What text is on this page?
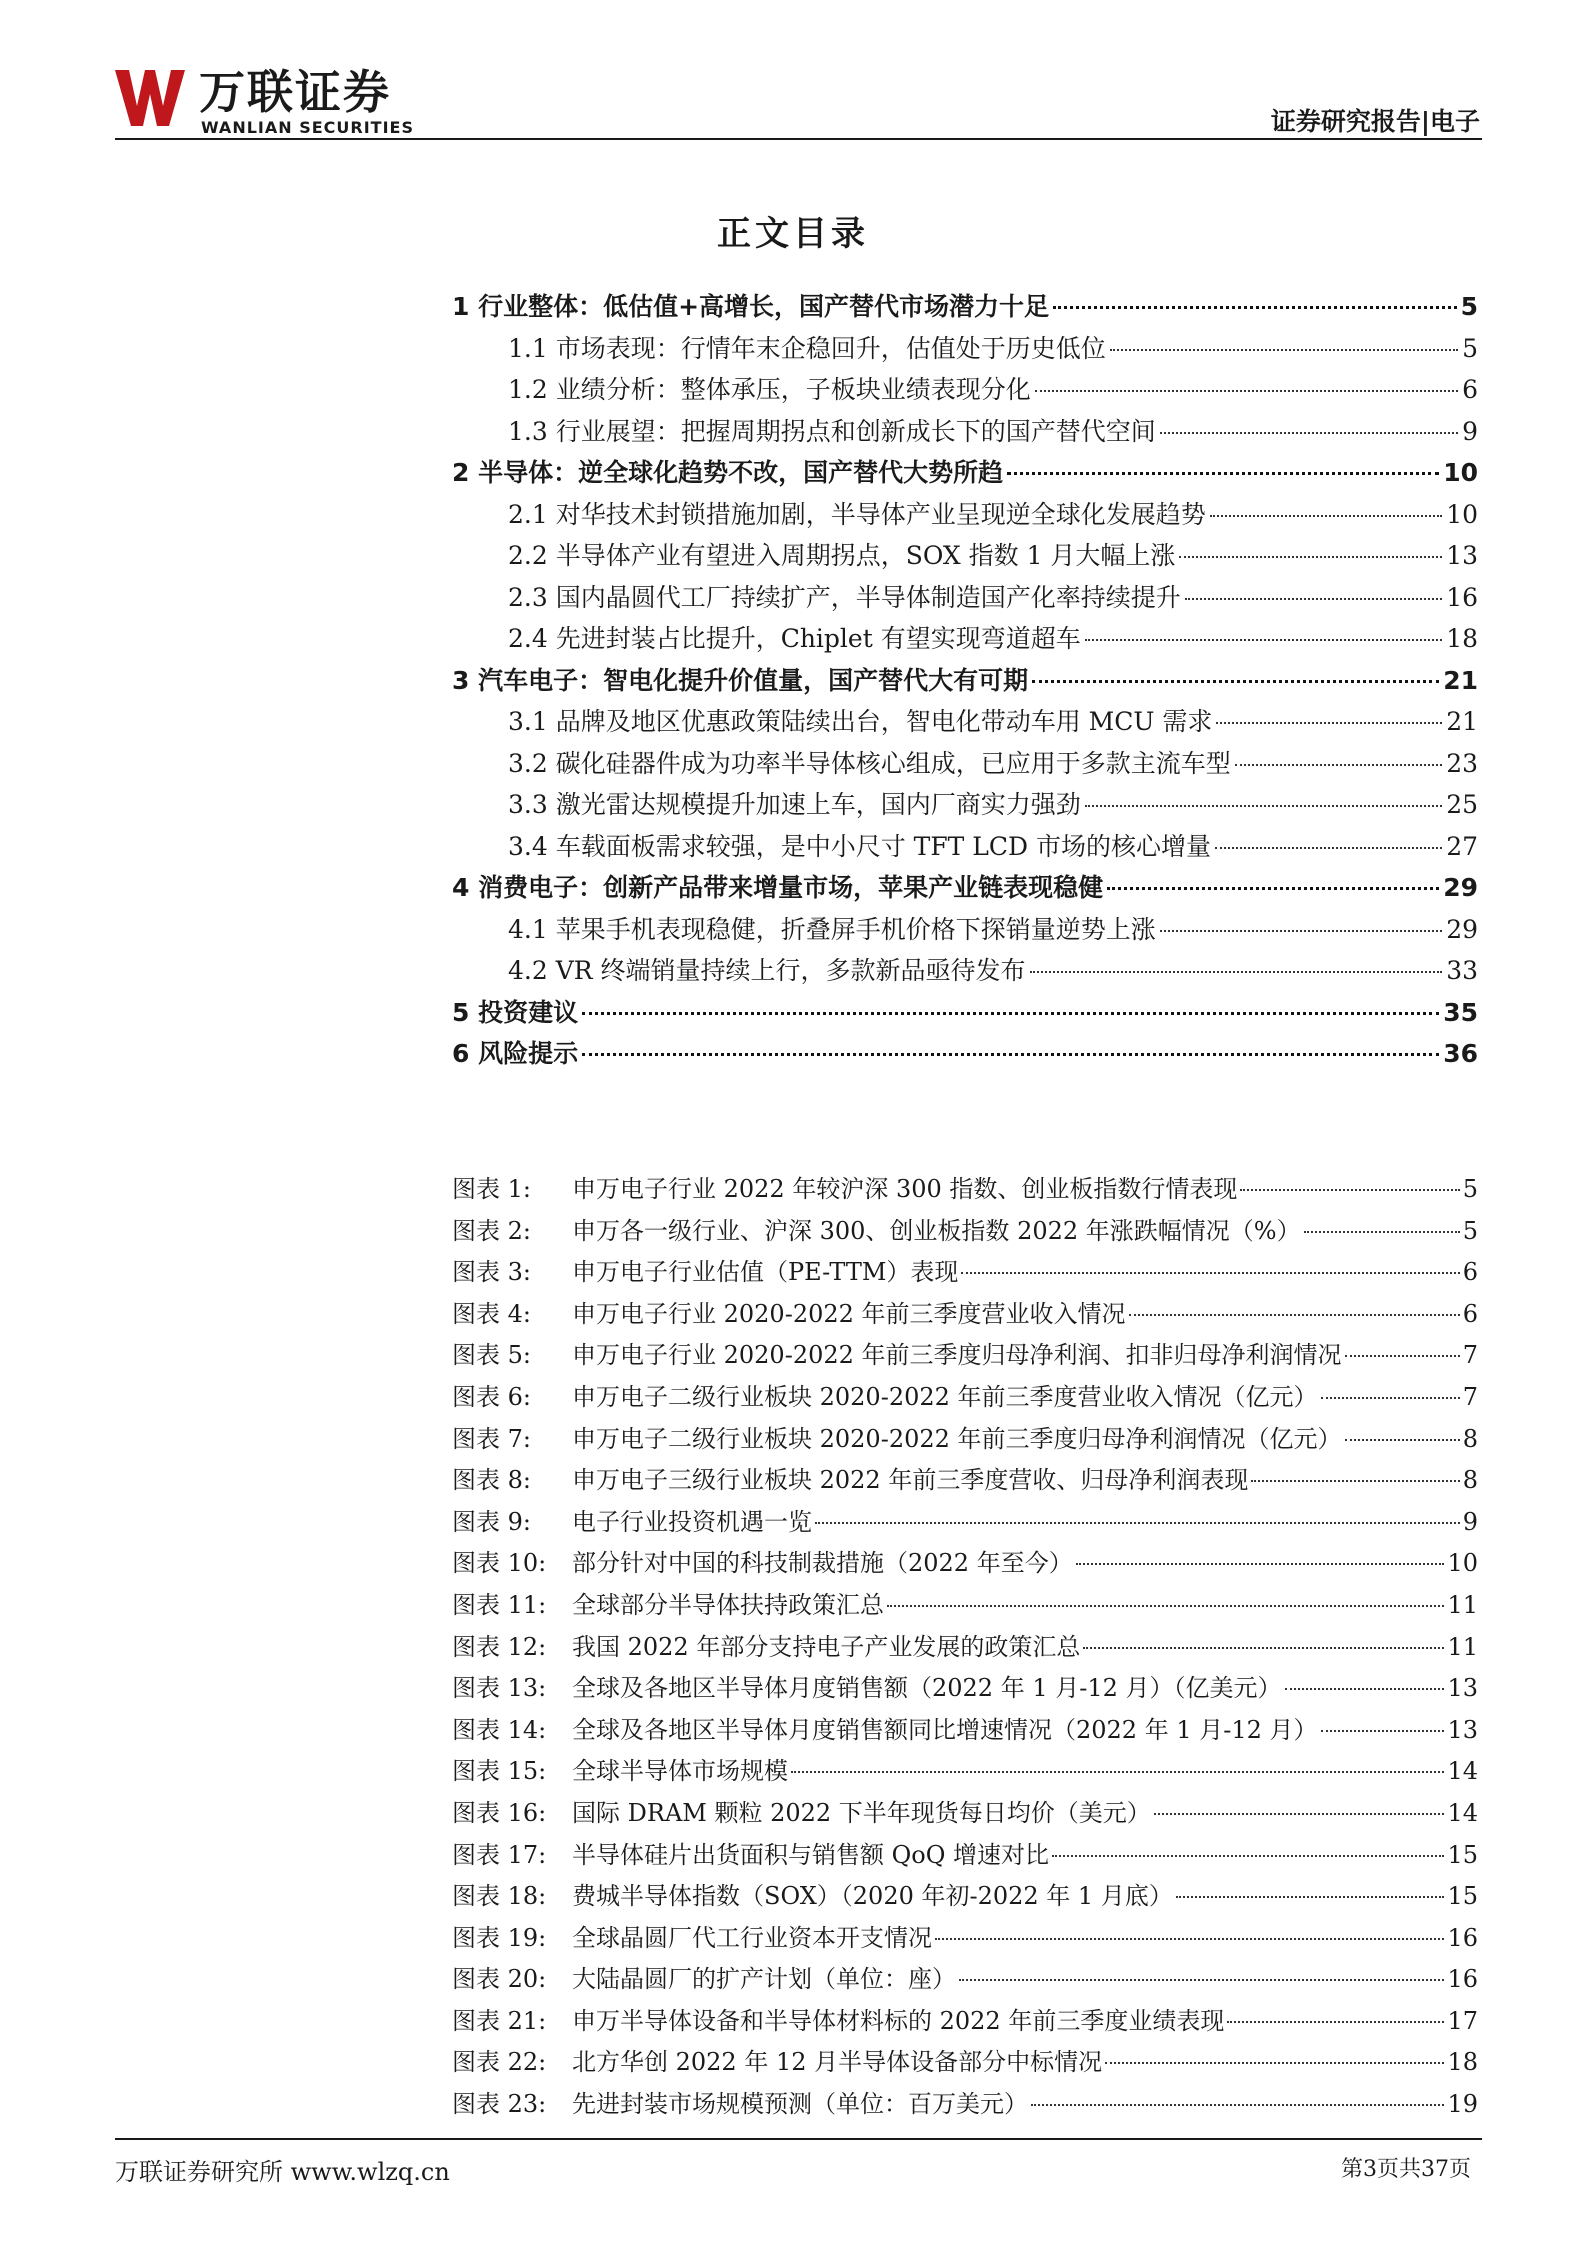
万联证券
WANLIAN SECURITIES	证券研究报告|电子
正文目录
1 行业整体：低估值+高增长，国产替代市场潜力十足	5
1.1 市场表现：行情年末企稳回升，估值处于历史低位	5
1.2 业绩分析：整体承压，子板块业绩表现分化	6
1.3 行业展望：把握周期拐点和创新成长下的国产替代空间	9
2 半导体：逆全球化趋势不改，国产替代大势所趋	10
2.1 对华技术封锁措施加剧，半导体产业呈现逆全球化发展趋势	10
2.2 半导体产业有望进入周期拐点，SOX 指数 1 月大幅上涨	13
2.3 国内晶圆代工厂持续扩产，半导体制造国产化率持续提升	16
2.4 先进封装占比提升，Chiplet 有望实现弯道超车	18
3 汽车电子：智电化提升价值量，国产替代大有可期	21
3.1 品牌及地区优惠政策陆续出台，智电化带动车用 MCU 需求	21
3.2 碳化硅器件成为功率半导体核心组成，已应用于多款主流车型	23
3.3 激光雷达规模提升加速上车，国内厂商实力强劲	25
3.4 车载面板需求较强，是中小尺寸 TFT LCD 市场的核心增量	27
4 消费电子：创新产品带来增量市场，苹果产业链表现稳健	29
4.1 苹果手机表现稳健，折叠屏手机价格下探销量逆势上涨	29
4.2 VR 终端销量持续上行，多款新品亟待发布	33
5 投资建议	35
6 风险提示	36
图表 1:	申万电子行业 2022 年较沪深 300 指数、创业板指数行情表现	5
图表 2:	申万各一级行业、沪深 300、创业板指数 2022 年涨跌幅情况（%）	5
图表 3:	申万电子行业估值（PE-TTM）表现	6
图表 4:	申万电子行业 2020-2022 年前三季度营业收入情况	6
图表 5:	申万电子行业 2020-2022 年前三季度归母净利润、扣非归母净利润情况	7
图表 6:	申万电子二级行业板块 2020-2022 年前三季度营业收入情况（亿元）	7
图表 7:	申万电子二级行业板块 2020-2022 年前三季度归母净利润情况（亿元）	8
图表 8:	申万电子三级行业板块 2022 年前三季度营收、归母净利润表现	8
图表 9:	电子行业投资机遇一览	9
图表 10:	部分针对中国的科技制裁措施（2022 年至今）	10
图表 11:	全球部分半导体扶持政策汇总	11
图表 12:	我国 2022 年部分支持电子产业发展的政策汇总	11
图表 13:	全球及各地区半导体月度销售额（2022 年 1 月-12 月）（亿美元）	13
图表 14:	全球及各地区半导体月度销售额同比增速情况（2022 年 1 月-12 月）	13
图表 15:	全球半导体市场规模	14
图表 16:	国际 DRAM 颗粒 2022 下半年现货每日均价（美元）	14
图表 17:	半导体硅片出货面积与销售额 QoQ 增速对比	15
图表 18:	费城半导体指数（SOX）（2020 年初-2022 年 1 月底）	15
图表 19:	全球晶圆厂代工行业资本开支情况	16
图表 20:	大陆晶圆厂的扩产计划（单位：座）	16
图表 21:	申万半导体设备和半导体材料标的 2022 年前三季度业绩表现	17
图表 22:	北方华创 2022 年 12 月半导体设备部分中标情况	18
图表 23:	先进封装市场规模预测（单位：百万美元）	19
万联证券研究所 www.wlzq.cn	第3页共37页
